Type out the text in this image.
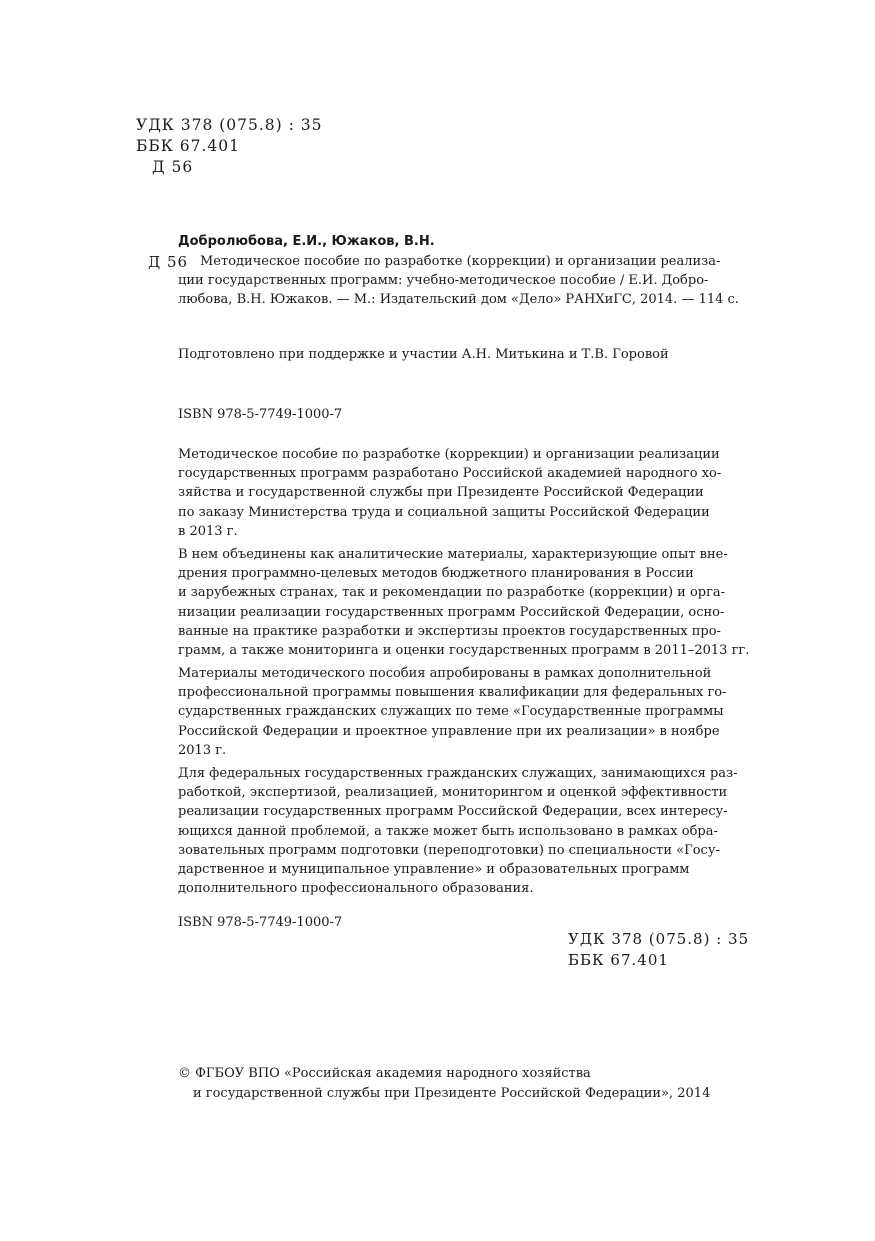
УДК 378 (075.8) : 35
ББК 67.401
Д 56
Добролюбова, Е.И., Южаков, В.Н.
Д 56 Методическое пособие по разработке (коррекции) и организации реализа-
ции государственных программ: учебно-методическое пособие / Е.И. Добро-
любова, В.Н. Южаков. — М.: Издательский дом «Дело» РАНХиГС, 2014. — 114 с.
Подготовлено при поддержке и участии А.Н. Митькина и Т.В. Горовой
ISBN 978-5-7749-1000-7
Методическое пособие по разработке (коррекции) и организации реализации
государственных программ разработано Российской академией народного хо-
зяйства и государственной службы при Президенте Российской Федерации
по заказу Министерства труда и социальной защиты Российской Федерации
в 2013 г.
В нем объединены как аналитические материалы, характеризующие опыт вне-
дрения программно-целевых методов бюджетного планирования в России
и зарубежных странах, так и рекомендации по разработке (коррекции) и орга-
низации реализации государственных программ Российской Федерации, осно-
ванные на практике разработки и экспертизы проектов государственных про-
грамм, а также мониторинга и оценки государственных программ в 2011–2013 гг.
Материалы методического пособия апробированы в рамках дополнительной
профессиональной программы повышения квалификации для федеральных го-
сударственных гражданских служащих по теме «Государственные программы
Российской Федерации и проектное управление при их реализации» в ноябре
2013 г.
Для федеральных государственных гражданских служащих, занимающихся раз-
работкой, экспертизой, реализацией, мониторингом и оценкой эффективности
реализации государственных программ Российской Федерации, всех интересу-
ющихся данной проблемой, а также может быть использовано в рамках обра-
зовательных программ подготовки (переподготовки) по специальности «Госу-
дарственное и муниципальное управление» и образовательных программ
дополнительного профессионального образования.
ISBN 978-5-7749-1000-7
УДК 378 (075.8) : 35
ББК 67.401
© ФГБОУ ВПО «Российская академия народного хозяйства
и государственной службы при Президенте Российской Федерации», 2014
